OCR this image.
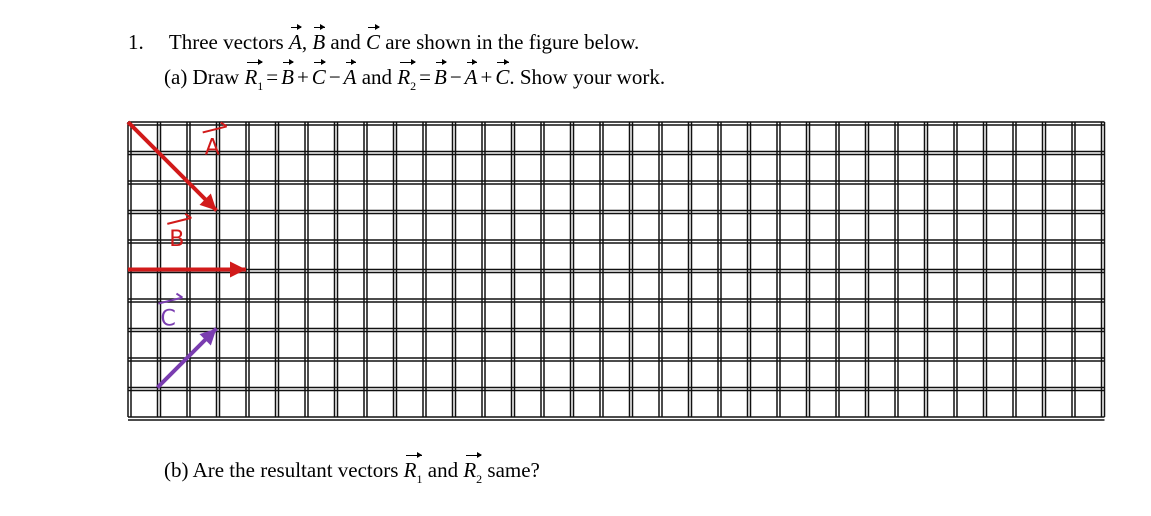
1. Three vectors A, B and C are shown in the figure below.
(a) Draw $R_1 = B + C - A$ and $R_2 = B - A + C$. Show your work.
A
B
C
(b) Are the resultant vectors $R_1$ and $R_2$ same?
